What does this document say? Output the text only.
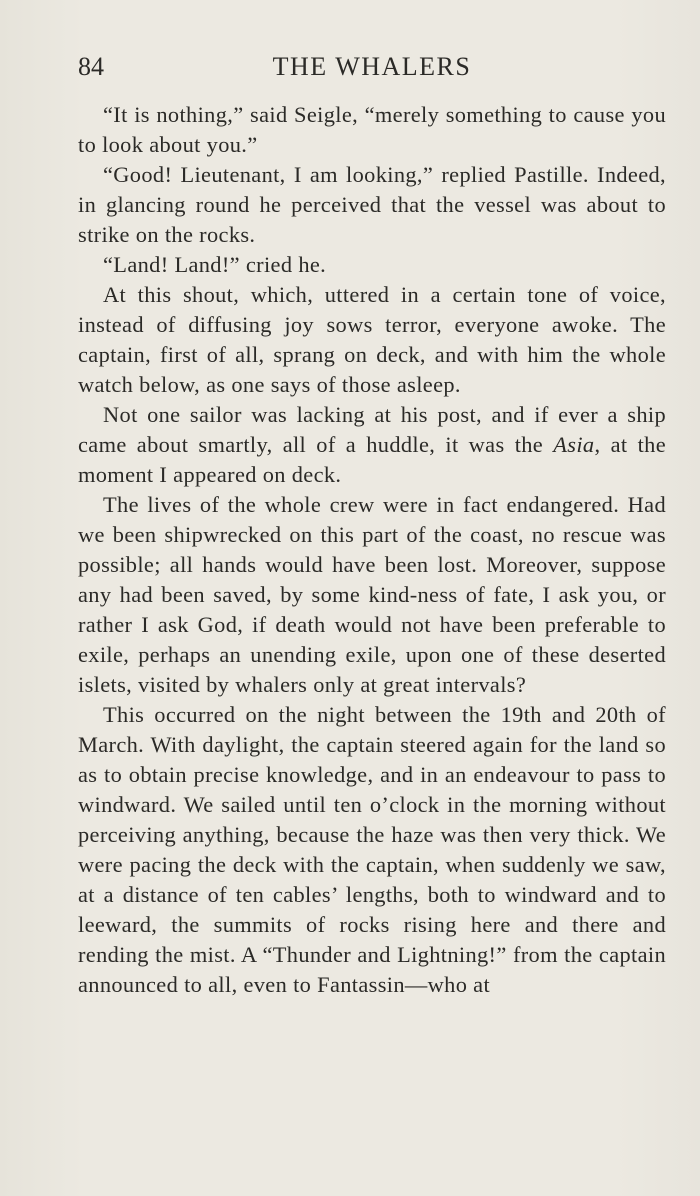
84	THE WHALERS

“It is nothing,” said Seigle, “merely something to cause you to look about you.”

“Good! Lieutenant, I am looking,” replied Pastille. Indeed, in glancing round he perceived that the vessel was about to strike on the rocks.

“Land! Land!” cried he.

At this shout, which, uttered in a certain tone of voice, instead of diffusing joy sows terror, everyone awoke. The captain, first of all, sprang on deck, and with him the whole watch below, as one says of those asleep.

Not one sailor was lacking at his post, and if ever a ship came about smartly, all of a huddle, it was the Asia, at the moment I appeared on deck.

The lives of the whole crew were in fact endangered. Had we been shipwrecked on this part of the coast, no rescue was possible; all hands would have been lost. Moreover, suppose any had been saved, by some kind-ness of fate, I ask you, or rather I ask God, if death would not have been preferable to exile, perhaps an unending exile, upon one of these deserted islets, visited by whalers only at great intervals?

This occurred on the night between the 19th and 20th of March. With daylight, the captain steered again for the land so as to obtain precise knowledge, and in an endeavour to pass to windward. We sailed until ten o’clock in the morning without perceiving anything, because the haze was then very thick. We were pacing the deck with the captain, when suddenly we saw, at a distance of ten cables’ lengths, both to windward and to leeward, the summits of rocks rising here and there and rending the mist. A “Thunder and Lightning!” from the captain announced to all, even to Fantassin—who at
